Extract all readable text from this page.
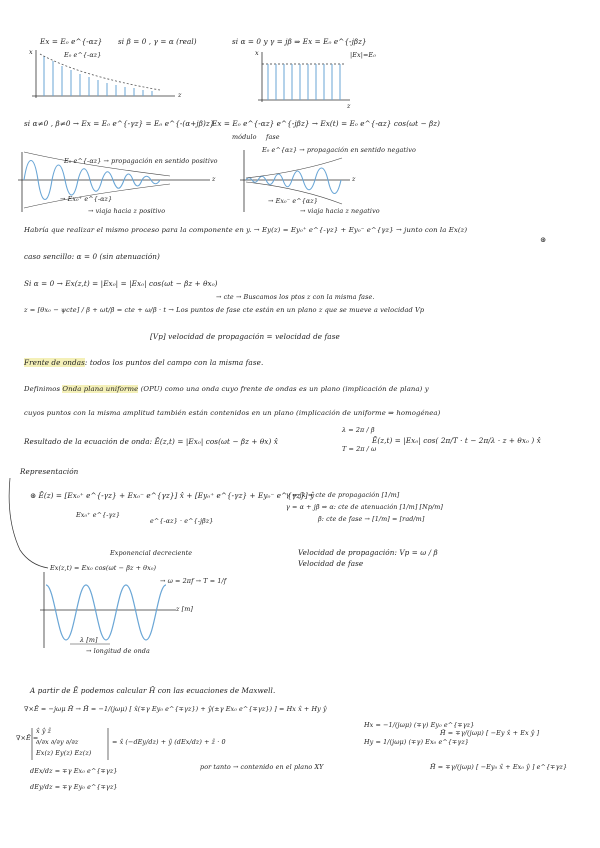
Ex = E₀ e^{-αz} si β = 0 , γ = α (real)	si α = 0 y γ = jβ ⇒ Ex = E₀ e^{-jβz}
|Ex|=E₀
E₀ e^{-αz}
x
z
x
z
si α≠0 , β≠0 → Ex = E₀ e^{-γz} = E₀ e^{-(α+jβ)z}
Ex = E₀ e^{-αz} e^{-jβz} → Ex(t) = E₀ e^{-αz} cos(ωt − βz)
módulo fase
E₀ e^{-αz} → propagación en sentido positivo
z
→ Ex₀⁺ e^{-αz}
→ viaja hacia z positivo
E₀ e^{αz} → propagación en sentido negativo
z
→ Ex₀⁻ e^{αz}
→ viaja hacia z negativo
Habría que realizar el mismo proceso para la componente en y. → Ey(z) = Ey₀⁺ e^{-γz} + Ey₀⁻ e^{γz} → junto con la Ex(z)
⊛
caso sencillo: α = 0 (sin atenuación)
Si α = 0 → Ex(z,t) = |Ex₀| = |Ex₀| cos(ωt − βz + θx₀)
→ cte → Buscamos los ptos z con la misma fase.
z = [θx₀ − ψcte] / β + ωt/β = cte + ω/β · t → Los puntos de fase cte están en un plano z que se mueve a velocidad Vp
[Vp] velocidad de propagación = velocidad de fase
Frente de ondas: todos los puntos del campo con la misma fase.
Definimos Onda plana uniforme (OPU) como una onda cuyo frente de ondas es un plano (implicación de plana) y
cuyos puntos con la misma amplitud también están contenidos en un plano (implicación de uniforme ⇒ homogénea)
Resultado de la ecuación de onda: Ē(z,t) = |Ex₀| cos(ωt − βz + θx) x̂
λ = 2π / β
T = 2π / ω
Ē(z,t) = |Ex₀| cos( 2π/T · t − 2π/λ · z + θx₀ ) x̂
Representación
⊛ Ē(z) = [Ex₀⁺ e^{-γz} + Ex₀⁻ e^{γz}] x̂ + [Ey₀⁺ e^{-γz} + Ey₀⁻ e^{γz}] ŷ
Ex₀⁺ e^{-γz}
e^{-αz} · e^{-jβz}
Exponencial decreciente
γ = jk = cte de propagación [1/m]
γ = α + jβ ⇒ α: cte de atenuación [1/m] [Np/m]
β: cte de fase → [1/m] = [rad/m]
Velocidad de propagación: Vp = ω / β
Velocidad de fase
Ex(z,t) = Ex₀ cos(ωt − βz + θx₀)
→ ω = 2πf → T = 1/f
z [m]
λ [m]
→ longitud de onda
A partir de Ē podemos calcular H̄ con las ecuaciones de Maxwell.
∇×Ē = −jωμ H̄ → H̄ = −1/(jωμ) [ x̂(∓γ Ey₀ e^{∓γz}) + ŷ(±γ Ex₀ e^{∓γz}) ] = Hx x̂ + Hy ŷ
∇×Ē =
x̂ ŷ ẑ
∂/∂x ∂/∂y ∂/∂z
Ex(z) Ey(z) Ez(z)
= x̂ (−dEy/dz) + ŷ (dEx/dz) + ẑ · 0
dEx/dz = ∓γ Ex₀ e^{∓γz}
dEy/dz = ∓γ Ey₀ e^{∓γz}
por tanto → contenido en el plano XY
Hx = −1/(jωμ) (∓γ) Ey₀ e^{∓γz}
Hy = 1/(jωμ) (∓γ) Ex₀ e^{∓γz}
H̄ = ∓γ/(jωμ) [ −Ey x̂ + Ex ŷ ]
H̄ = ∓γ/(jωμ) [ −Ey₀ x̂ + Ex₀ ŷ ] e^{∓γz}
